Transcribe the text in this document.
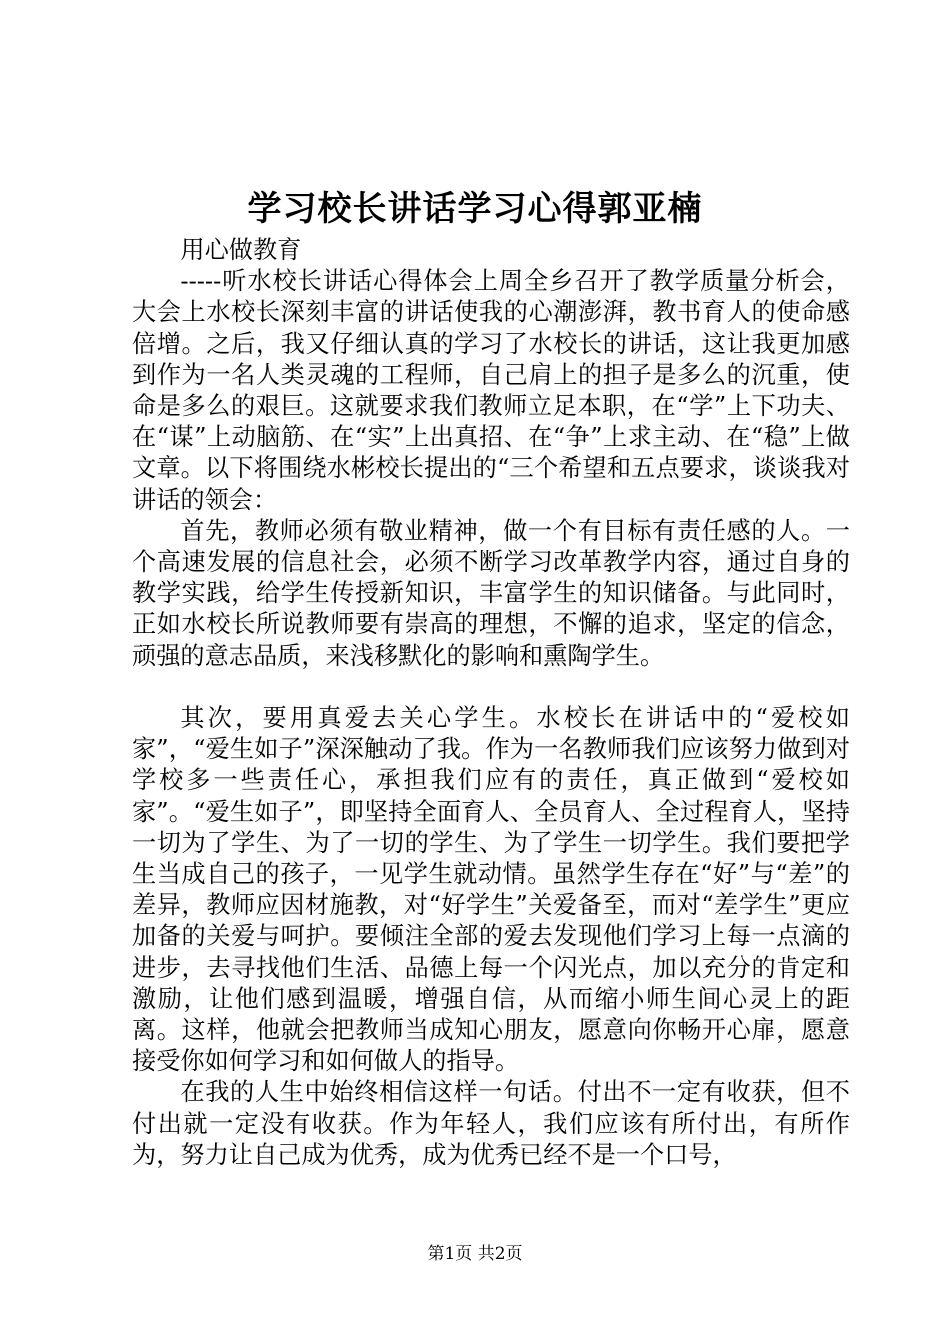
学习校长讲话学习心得郭亚楠

用心做教育

-----听水校长讲话心得体会上周全乡召开了教学质量分析会，大会上水校长深刻丰富的讲话使我的心潮澎湃，教书育人的使命感倍增。之后，我又仔细认真的学习了水校长的讲话，这让我更加感到作为一名人类灵魂的工程师，自己肩上的担子是多么的沉重，使命是多么的艰巨。这就要求我们教师立足本职，在“学”上下功夫、在“谋”上动脑筋、在“实”上出真招、在“争”上求主动、在“稳”上做文章。以下将围绕水彬校长提出的“三个希望和五点要求，谈谈我对讲话的领会：

首先，教师必须有敬业精神，做一个有目标有责任感的人。一个高速发展的信息社会，必须不断学习改革教学内容，通过自身的教学实践，给学生传授新知识，丰富学生的知识储备。与此同时，正如水校长所说教师要有崇高的理想，不懈的追求，坚定的信念，顽强的意志品质，来浅移默化的影响和熏陶学生。

其次，要用真爱去关心学生。水校长在讲话中的“爱校如家”，“爱生如子”深深触动了我。作为一名教师我们应该努力做到对学校多一些责任心，承担我们应有的责任，真正做到“爱校如家”。“爱生如子”，即坚持全面育人、全员育人、全过程育人，坚持一切为了学生、为了一切的学生、为了学生一切学生。我们要把学生当成自己的孩子，一见学生就动情。虽然学生存在“好”与“差”的差异，教师应因材施教，对“好学生”关爱备至，而对“差学生”更应加备的关爱与呵护。要倾注全部的爱去发现他们学习上每一点滴的进步，去寻找他们生活、品德上每一个闪光点，加以充分的肯定和激励，让他们感到温暖，增强自信，从而缩小师生间心灵上的距离。这样，他就会把教师当成知心朋友，愿意向你畅开心扉，愿意接受你如何学习和如何做人的指导。

在我的人生中始终相信这样一句话。付出不一定有收获，但不付出就一定没有收获。作为年轻人，我们应该有所付出，有所作为，努力让自己成为优秀，成为优秀已经不是一个口号，

第1页 共2页
